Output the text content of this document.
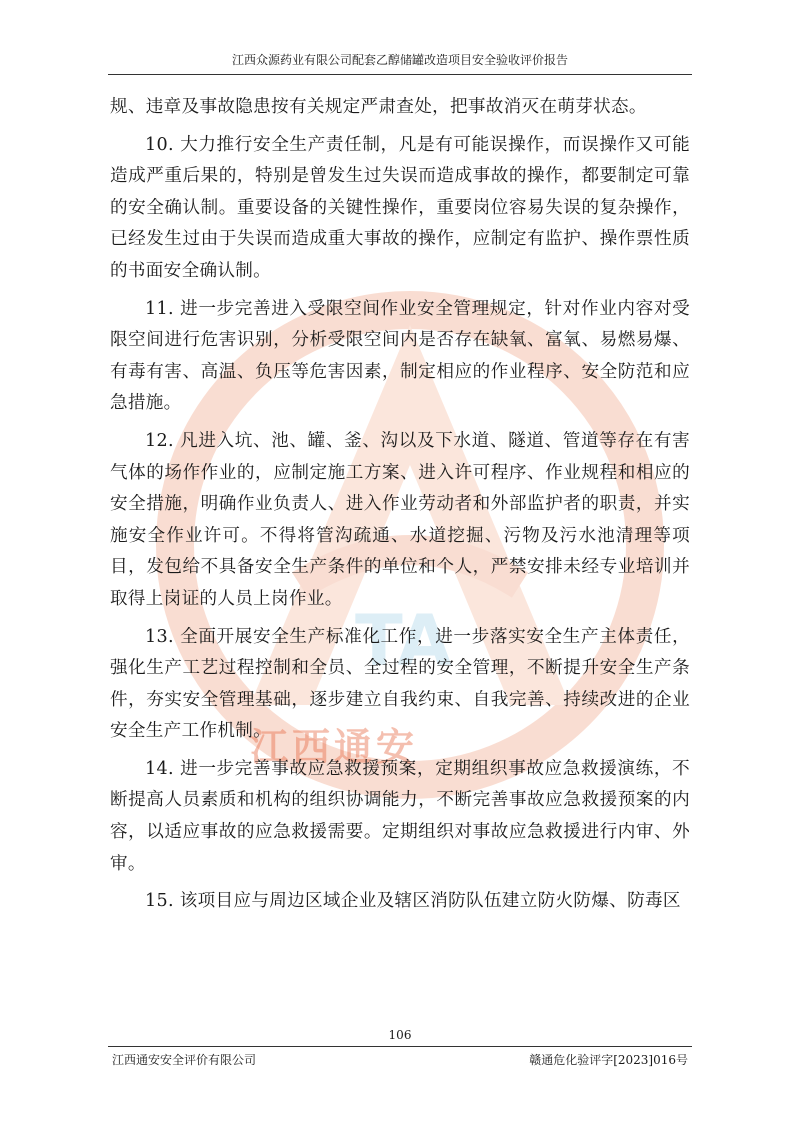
江西众源药业有限公司配套乙醇储罐改造项目安全验收评价报告
TA
江西通安

规、违章及事故隐患按有关规定严肃查处，把事故消灭在萌芽状态。

10. 大力推行安全生产责任制，凡是有可能误操作，而误操作又可能造成严重后果的，特别是曾发生过失误而造成事故的操作，都要制定可靠的安全确认制。重要设备的关键性操作，重要岗位容易失误的复杂操作，已经发生过由于失误而造成重大事故的操作，应制定有监护、操作票性质的书面安全确认制。

11. 进一步完善进入受限空间作业安全管理规定，针对作业内容对受限空间进行危害识别，分析受限空间内是否存在缺氧、富氧、易燃易爆、有毒有害、高温、负压等危害因素，制定相应的作业程序、安全防范和应急措施。

12. 凡进入坑、池、罐、釜、沟以及下水道、隧道、管道等存在有害气体的场作作业的，应制定施工方案、进入许可程序、作业规程和相应的安全措施，明确作业负责人、进入作业劳动者和外部监护者的职责，并实施安全作业许可。不得将管沟疏通、水道挖掘、污物及污水池清理等项目，发包给不具备安全生产条件的单位和个人，严禁安排未经专业培训并取得上岗证的人员上岗作业。

13. 全面开展安全生产标准化工作，进一步落实安全生产主体责任，强化生产工艺过程控制和全员、全过程的安全管理，不断提升安全生产条件，夯实安全管理基础，逐步建立自我约束、自我完善、持续改进的企业安全生产工作机制。

14. 进一步完善事故应急救援预案，定期组织事故应急救援演练，不断提高人员素质和机构的组织协调能力，不断完善事故应急救援预案的内容，以适应事故的应急救援需要。定期组织对事故应急救援进行内审、外审。

15. 该项目应与周边区域企业及辖区消防队伍建立防火防爆、防毒区

106
江西通安安全评价有限公司	赣通危化验评字[2023]016号
